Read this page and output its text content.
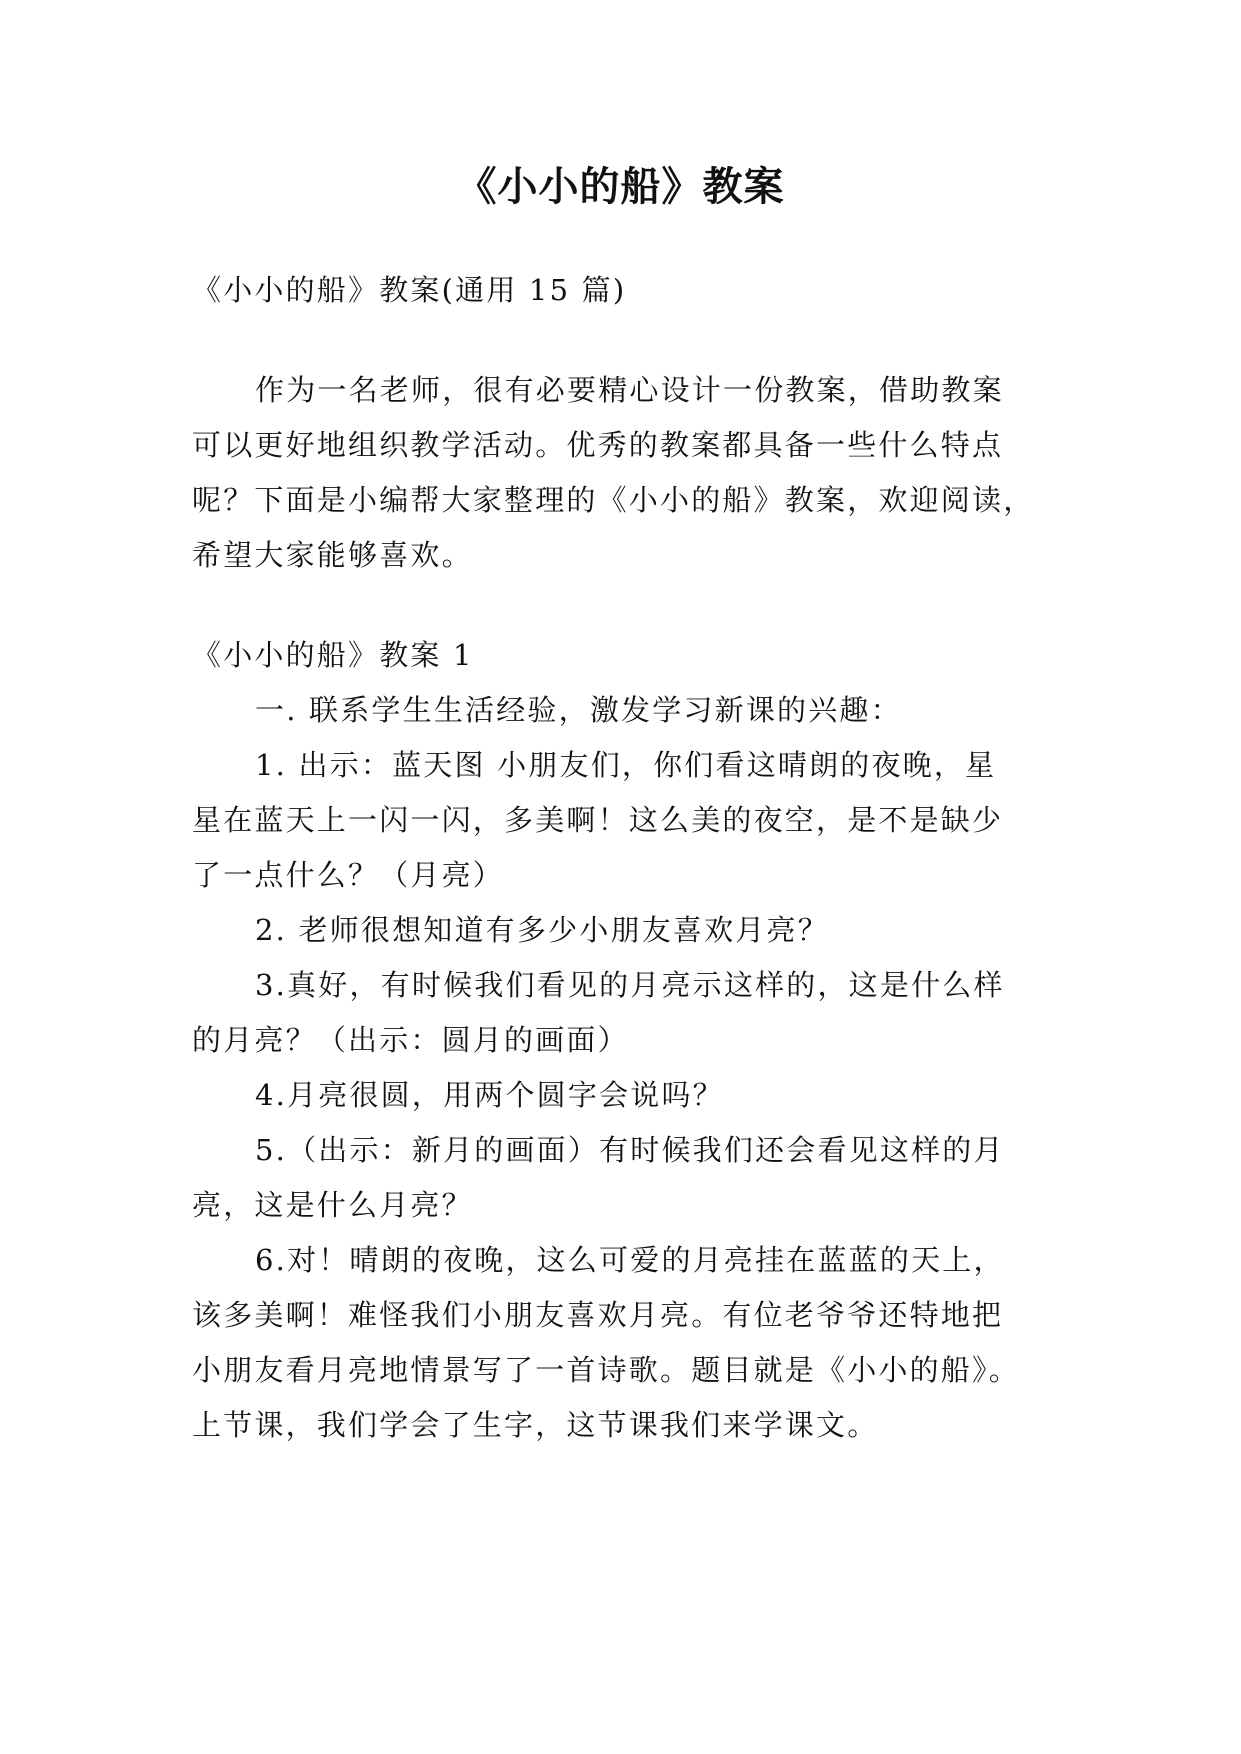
《小小的船》教案

《小小的船》教案(通用 15 篇)

作为一名老师，很有必要精心设计一份教案，借助教案

可以更好地组织教学活动。优秀的教案都具备一些什么特点

呢？下面是小编帮大家整理的《小小的船》教案，欢迎阅读，

希望大家能够喜欢。

《小小的船》教案 1

一. 联系学生生活经验，激发学习新课的兴趣：

1. 出示：蓝天图 小朋友们，你们看这晴朗的夜晚，星

星在蓝天上一闪一闪，多美啊！这么美的夜空，是不是缺少

了一点什么？（月亮）

2. 老师很想知道有多少小朋友喜欢月亮？

3.真好，有时候我们看见的月亮示这样的，这是什么样

的月亮？（出示：圆月的画面）

4.月亮很圆，用两个圆字会说吗？

5.（出示：新月的画面）有时候我们还会看见这样的月

亮，这是什么月亮？

6.对！晴朗的夜晚，这么可爱的月亮挂在蓝蓝的天上，

该多美啊！难怪我们小朋友喜欢月亮。有位老爷爷还特地把

小朋友看月亮地情景写了一首诗歌。题目就是《小小的船》。

上节课，我们学会了生字，这节课我们来学课文。
